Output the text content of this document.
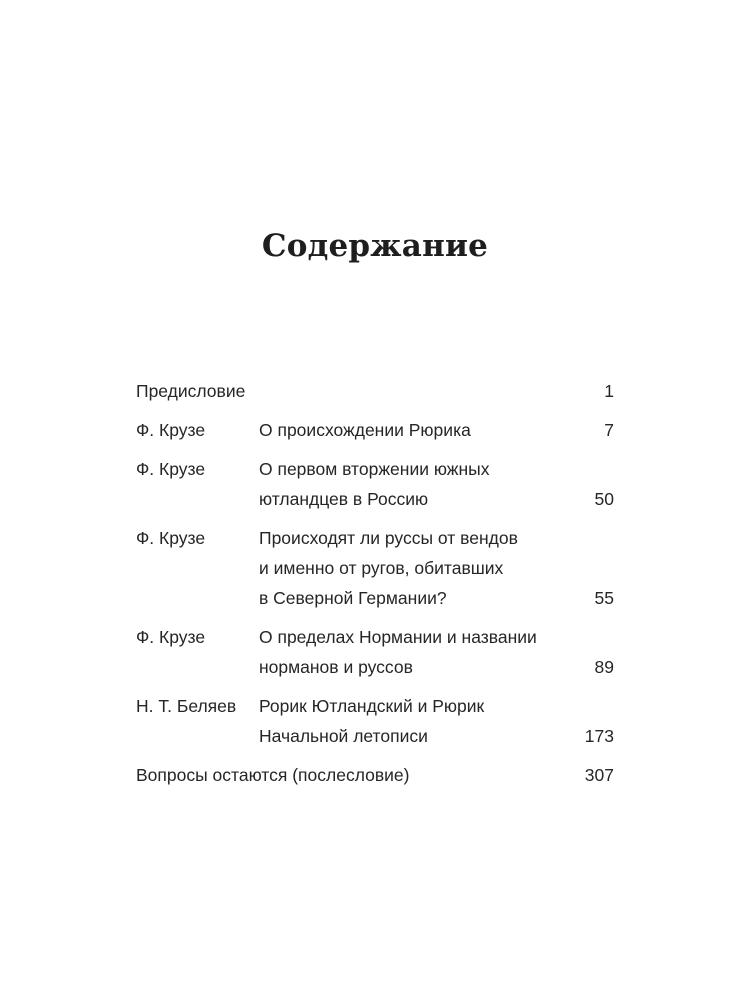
Содержание
Предисловие	1
Ф. Крузе	О происхождении Рюрика	7
Ф. Крузе	О первом вторжении южных
ютландцев в Россию	50
Ф. Крузе	Происходят ли руссы от вендов
и именно от ругов, обитавших
в Северной Германии?	55
Ф. Крузе	О пределах Нормании и названии
норманов и руссов	89
Н. Т. Беляев	Рорик Ютландский и Рюрик
Начальной летописи	173
Вопросы остаются (послесловие)	307
